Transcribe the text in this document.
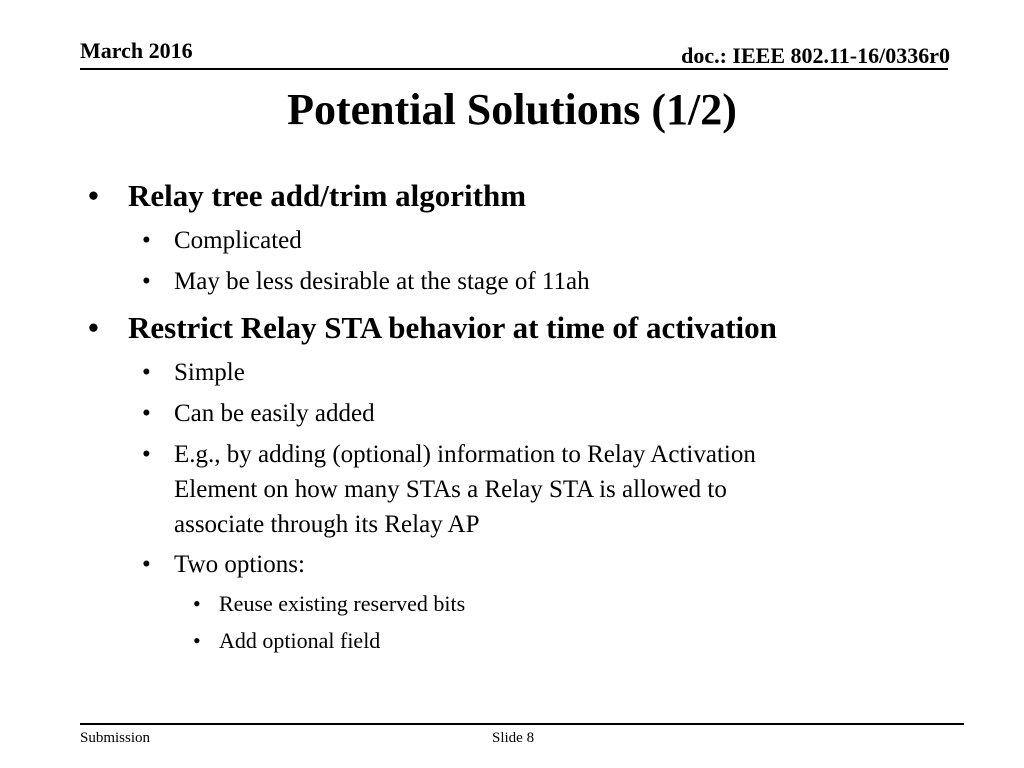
March 2016	doc.: IEEE 802.11-16/0336r0
Potential Solutions (1/2)
• Relay tree add/trim algorithm
• Complicated
• May be less desirable at the stage of 11ah
• Restrict Relay STA behavior at time of activation
• Simple
• Can be easily added
• E.g., by adding (optional) information to Relay Activation
Element on how many STAs a Relay STA is allowed to
associate through its Relay AP
• Two options:
• Reuse existing reserved bits
• Add optional field
Submission	Slide 8
